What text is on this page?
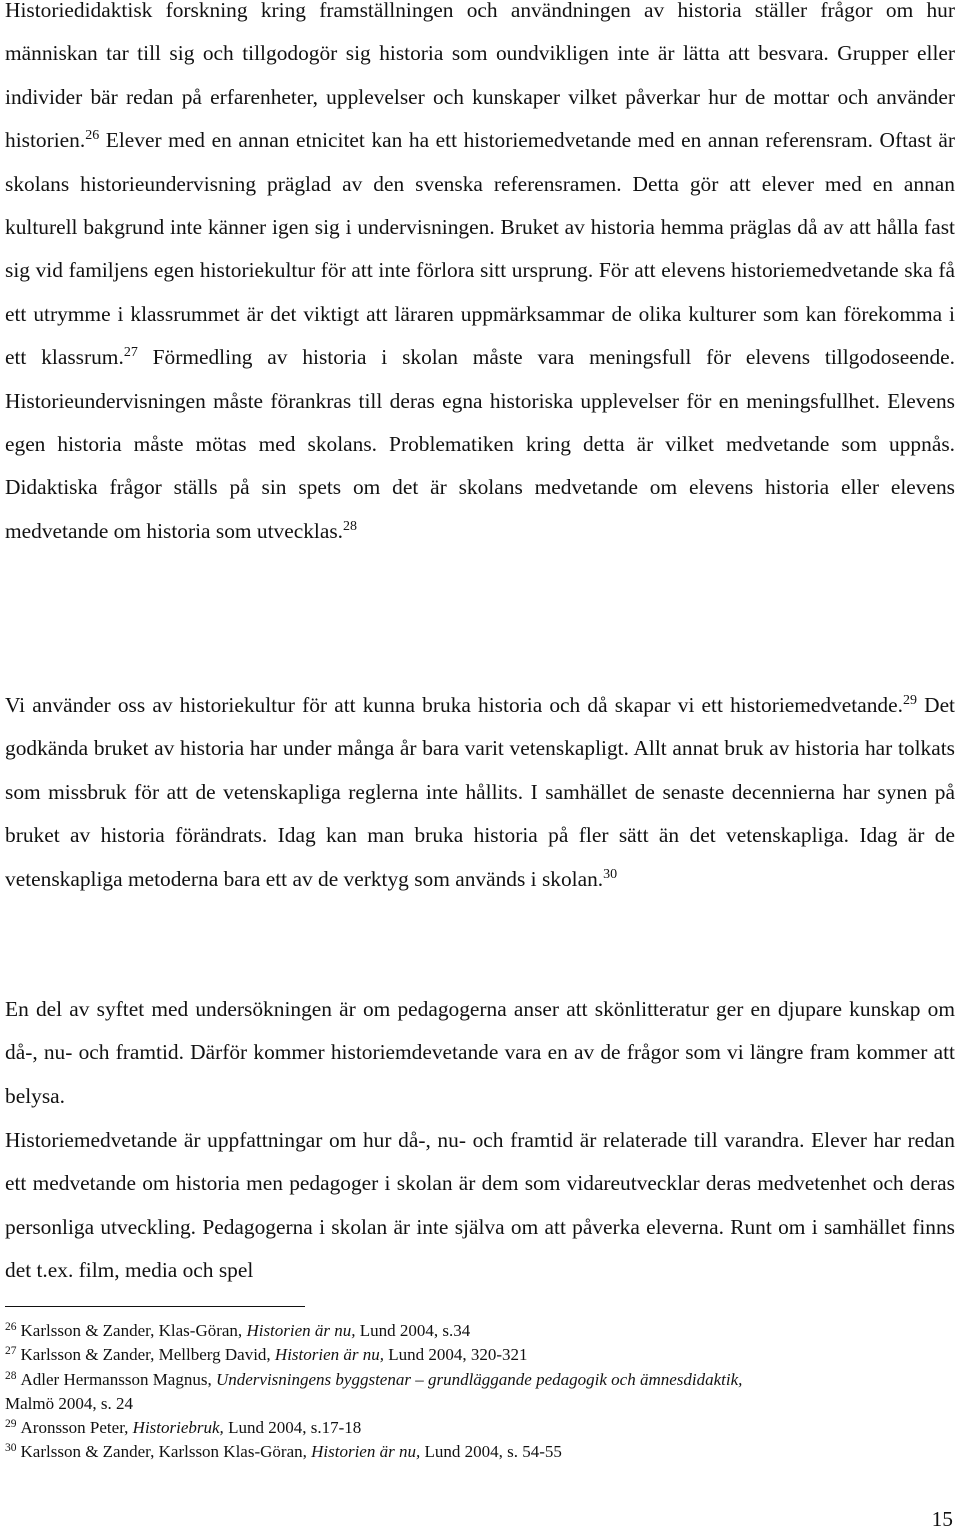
Historiedidaktisk forskning kring framställningen och användningen av historia ställer frågor om hur människan tar till sig och tillgodogör sig historia som oundvikligen inte är lätta att besvara. Grupper eller individer bär redan på erfarenheter, upplevelser och kunskaper vilket påverkar hur de mottar och använder historien.$^{26}$ Elever med en annan etnicitet kan ha ett historiemedvetande med en annan referensram. Oftast är skolans historieundervisning präglad av den svenska referensramen. Detta gör att elever med en annan kulturell bakgrund inte känner igen sig i undervisningen. Bruket av historia hemma präglas då av att hålla fast sig vid familjens egen historiekultur för att inte förlora sitt ursprung. För att elevens historiemedvetande ska få ett utrymme i klassrummet är det viktigt att läraren uppmärksammar de olika kulturer som kan förekomma i ett klassrum.$^{27}$ Förmedling av historia i skolan måste vara meningsfull för elevens tillgodoseende. Historieundervisningen måste förankras till deras egna historiska upplevelser för en meningsfullhet. Elevens egen historia måste mötas med skolans. Problematiken kring detta är vilket medvetande som uppnås. Didaktiska frågor ställs på sin spets om det är skolans medvetande om elevens historia eller elevens medvetande om historia som utvecklas.$^{28}$

Vi använder oss av historiekultur för att kunna bruka historia och då skapar vi ett historiemedvetande.$^{29}$ Det godkända bruket av historia har under många år bara varit vetenskapligt. Allt annat bruk av historia har tolkats som missbruk för att de vetenskapliga reglerna inte hållits. I samhället de senaste decennierna har synen på bruket av historia förändrats. Idag kan man bruka historia på fler sätt än det vetenskapliga. Idag är de vetenskapliga metoderna bara ett av de verktyg som används i skolan.$^{30}$

En del av syftet med undersökningen är om pedagogerna anser att skönlitteratur ger en djupare kunskap om då-, nu- och framtid. Därför kommer historiemdevetande vara en av de frågor som vi längre fram kommer att belysa.

Historiemedvetande är uppfattningar om hur då-, nu- och framtid är relaterade till varandra. Elever har redan ett medvetande om historia men pedagoger i skolan är dem som vidareutvecklar deras medvetenhet och deras personliga utveckling. Pedagogerna i skolan är inte själva om att påverka eleverna. Runt om i samhället finns det t.ex. film, media och spel

$^{26}$ Karlsson & Zander, Klas-Göran, Historien är nu, Lund 2004, s.34

$^{27}$ Karlsson & Zander, Mellberg David, Historien är nu, Lund 2004, 320-321

$^{28}$ Adler Hermansson Magnus, Undervisningens byggstenar – grundläggande pedagogik och ämnesdidaktik,
Malmö 2004, s. 24

$^{29}$ Aronsson Peter, Historiebruk, Lund 2004, s.17-18

$^{30}$ Karlsson & Zander, Karlsson Klas-Göran, Historien är nu, Lund 2004, s. 54-55

15
